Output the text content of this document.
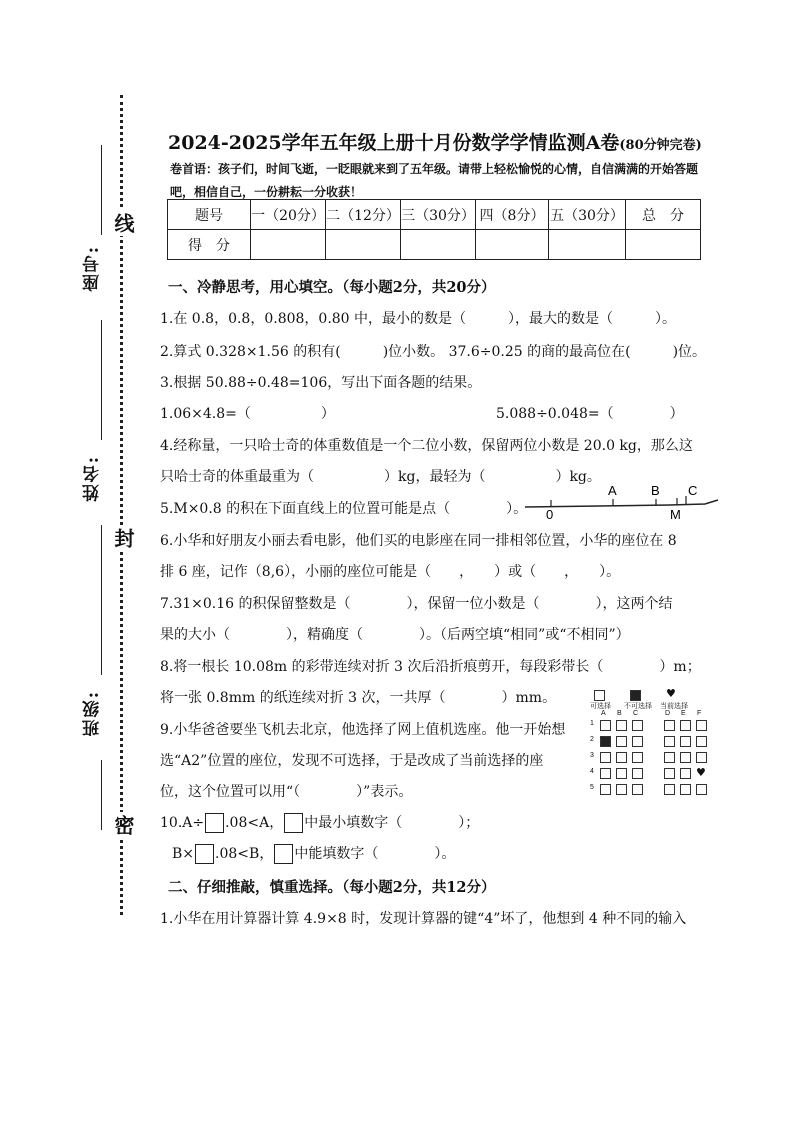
座号:
姓名:
班级:
线
封
密
2024-2025学年五年级上册十月份数学学情监测A卷(80分钟完卷)
卷首语：孩子们，时间飞逝，一眨眼就来到了五年级。请带上轻松愉悦的心情，自信满满的开始答题吧，相信自己，一份耕耘一分收获！
题号	一（20分）	二（12分）	三（30分）	四（8分）	五（30分）	总　分
得　分						
一、冷静思考，用心填空。（每小题2分，共20分）
1.在 0.8，0.8，0.808，0.80 中，最小的数是（　　　），最大的数是（　　　）。
2.算式 0.328×1.56 的积有(　　　)位小数。 37.6÷0.25 的商的最高位在(　　　)位。
3.根据 50.88÷0.48=106，写出下面各题的结果。
1.06×4.8=（　　　　　）	5.088÷0.048=（　　　　）
4.经称量，一只哈士奇的体重数值是一个二位小数，保留两位小数是 20.0 kg，那么这
只哈士奇的体重最重为（　　　　　）kg，最轻为（　　　　　）kg。
5.M×0.8 的积在下面直线上的位置可能是点（　　　　）。 0
A	B C
M
6.小华和好朋友小丽去看电影，他们买的电影座在同一排相邻位置，小华的座位在 8
排 6 座，记作（8,6），小丽的座位可能是（　　，　　）或（　　，　　）。
7.31×0.16 的积保留整数是（　　　　），保留一位小数是（　　　　），这两个结
果的大小（　　　　），精确度（　　　　）。（后两空填“相同”或“不相同”）
8.将一根长 10.08m 的彩带连续对折 3 次后沿折痕剪开，每段彩带长（　　　　）m；
将一张 0.8mm 的纸连续对折 3 次，一共厚（　　　　）mm。
9.小华爸爸要坐飞机去北京，他选择了网上值机选座。他一开始想
选“A2”位置的座位，发现不可选择，于是改成了当前选择的座
位，这个位置可以用“（　　　　）”表示。
♥
可选择 不可选择 当前选择
A B C	D E F
1
2
3
4	♥
5
10.A÷ .08<A， 中最小填数字（　　　　）；
B× .08<B， 中能填数字（　　　　）。
二、仔细推敲，慎重选择。（每小题2分，共12分）
1.小华在用计算器计算 4.9×8 时，发现计算器的键“4”坏了，他想到 4 种不同的输入
